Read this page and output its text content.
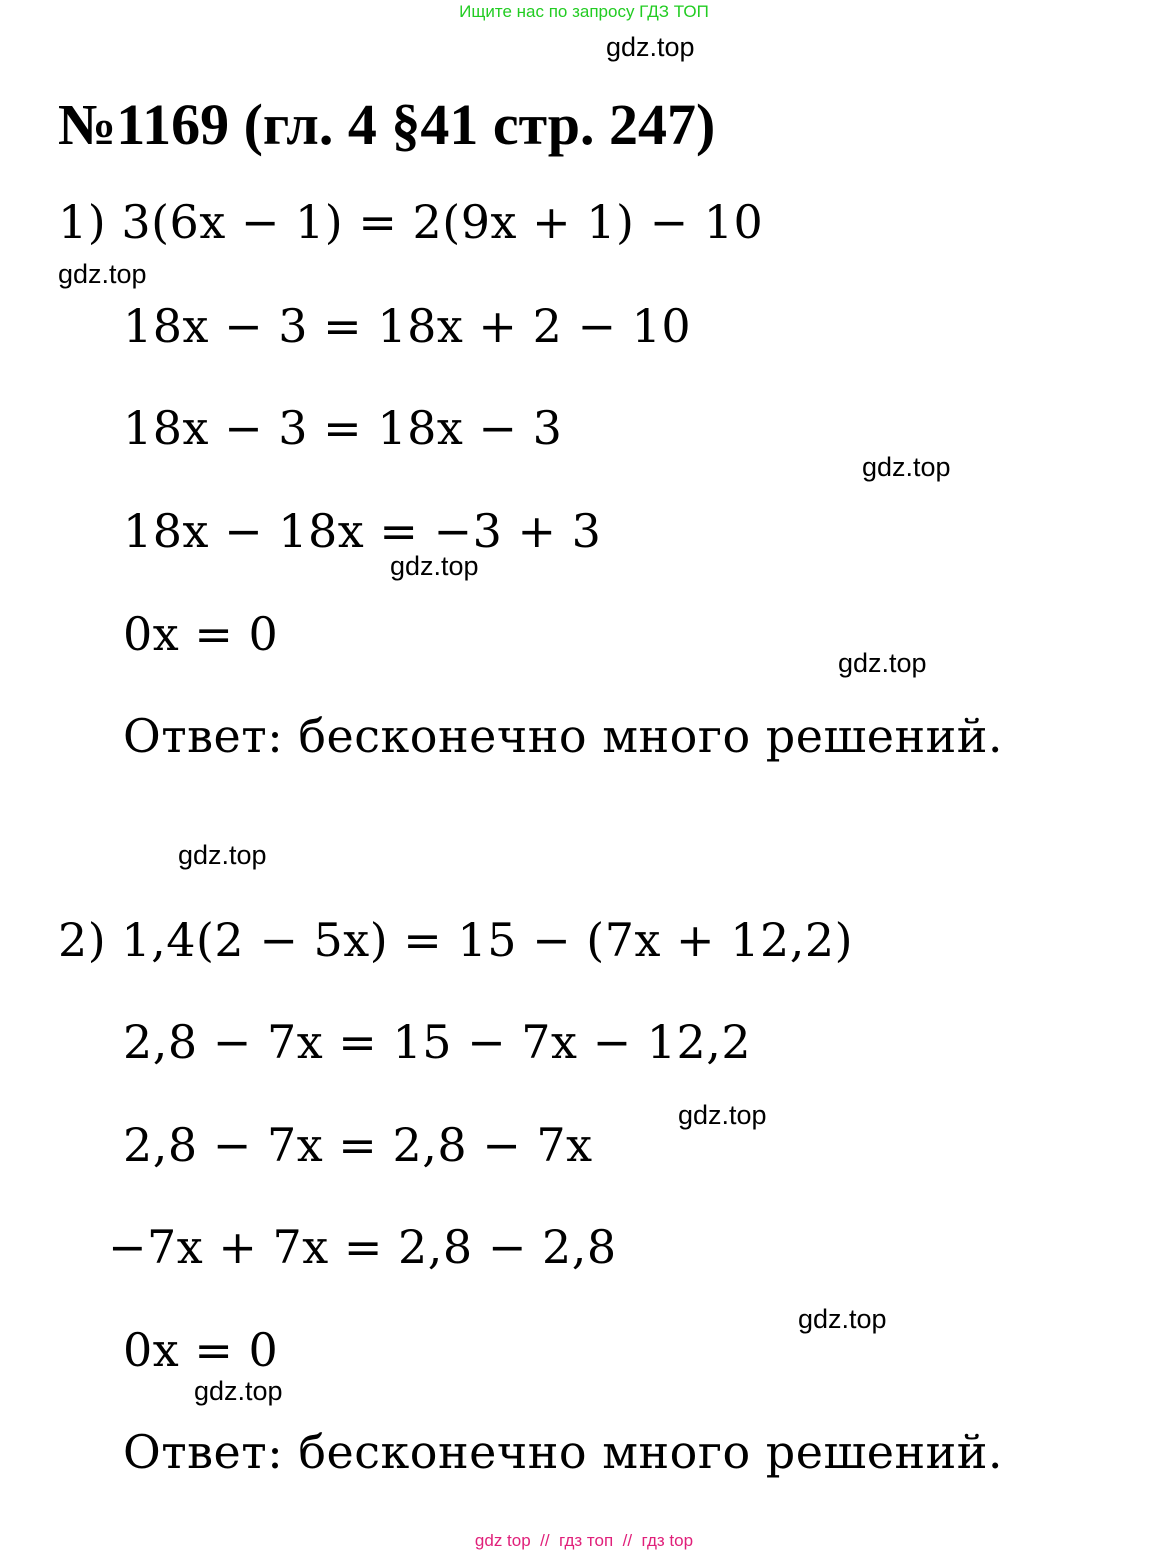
Ищите нас по запросу ГДЗ ТОП
gdz.top
№1169 (гл. 4 §41 стр. 247)
1) 3(6x − 1) = 2(9x + 1) − 10
gdz.top
18x − 3 = 18x + 2 − 10
18x − 3 = 18x − 3
gdz.top
18x − 18x = −3 + 3
gdz.top
0x = 0
gdz.top
Ответ: бесконечно много решений.
gdz.top
2) 1,4(2 − 5x) = 15 − (7x + 12,2)
2,8 − 7x = 15 − 7x − 12,2
gdz.top
2,8 − 7x = 2,8 − 7x
−7x + 7x = 2,8 − 2,8
gdz.top
0x = 0
gdz.top
Ответ: бесконечно много решений.
gdz top // гдз топ // гдз top
